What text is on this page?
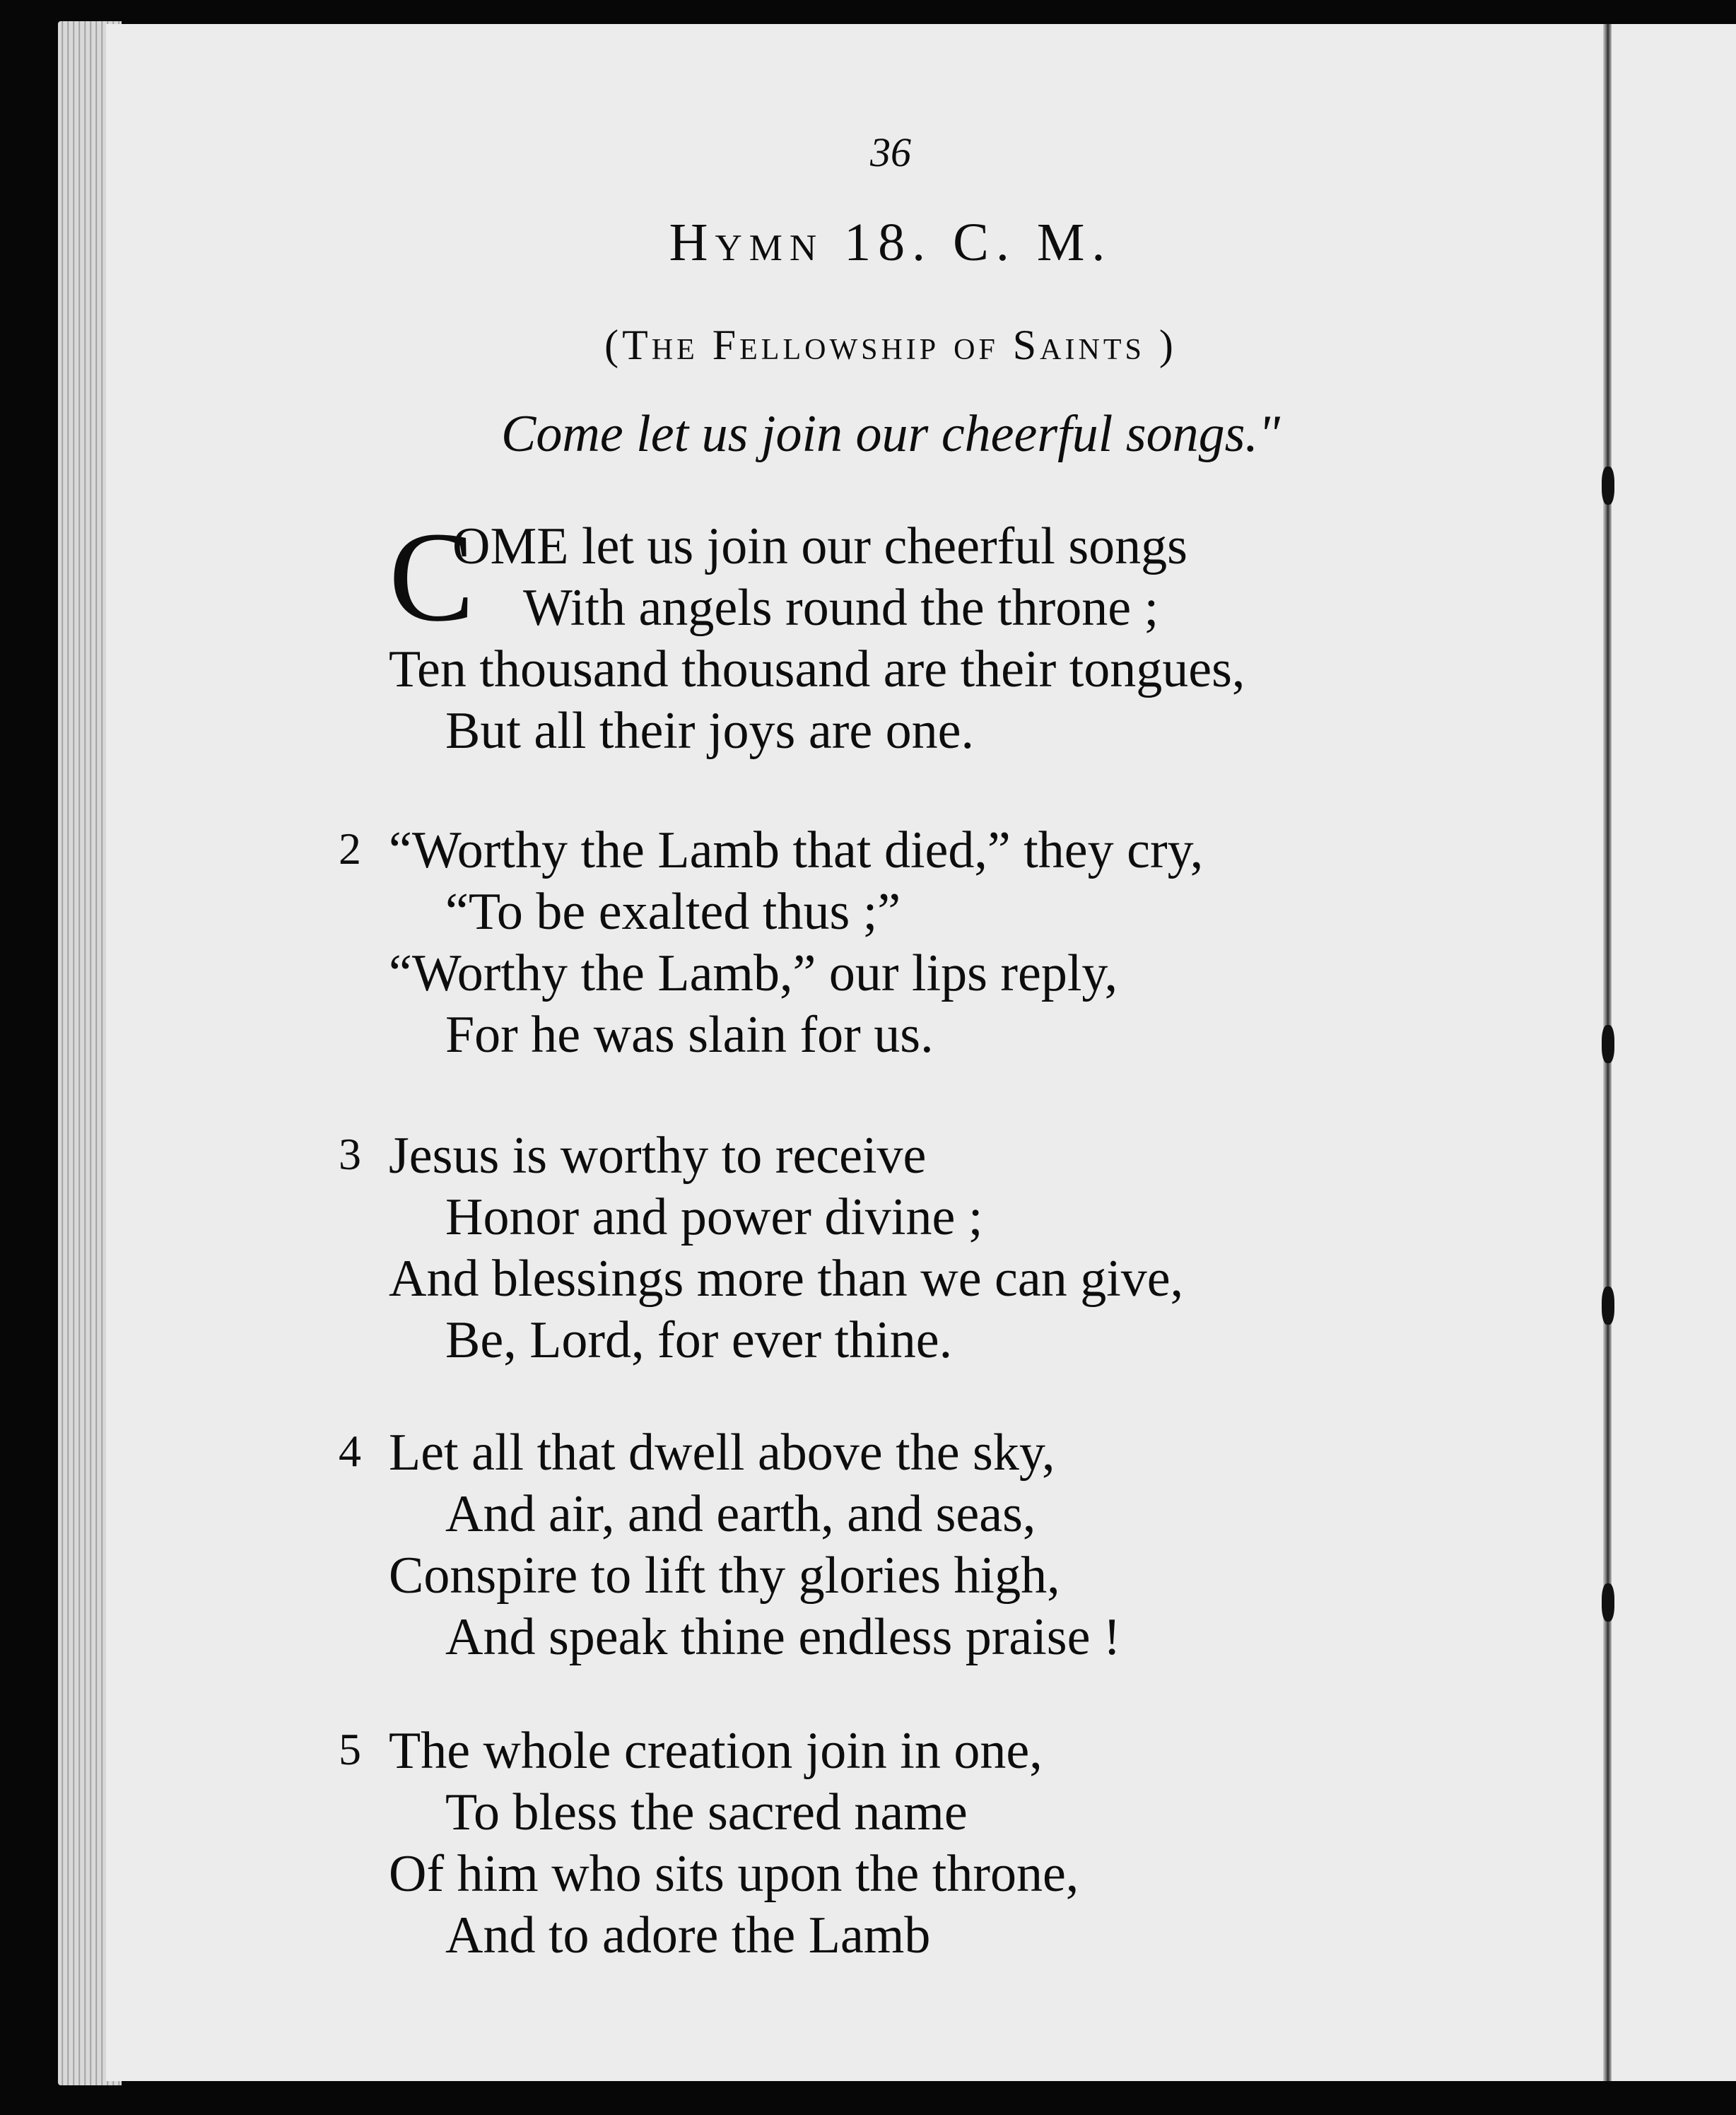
36
Hymn 18. C. M.
(The Fellowship of Saints )
Come let us join our cheerful songs."
C
OME let us join our cheerful songs
With angels round the throne ;
Ten thousand thousand are their tongues,
But all their joys are one.
2 “Worthy the Lamb that died,” they cry,
“To be exalted thus ;”
“Worthy the Lamb,” our lips reply,
For he was slain for us.
3 Jesus is worthy to receive
Honor and power divine ;
And blessings more than we can give,
Be, Lord, for ever thine.
4 Let all that dwell above the sky,
And air, and earth, and seas,
Conspire to lift thy glories high,
And speak thine endless praise !
5 The whole creation join in one,
To bless the sacred name
Of him who sits upon the throne,
And to adore the Lamb
